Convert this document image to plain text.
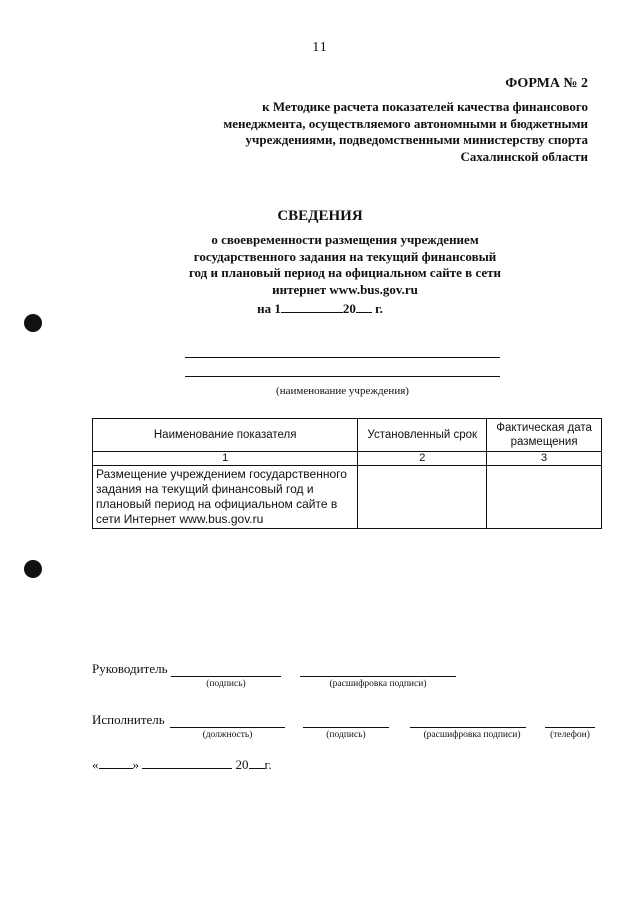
11
ФОРМА № 2
к Методике расчета показателей качества финансового
менеджмента, осуществляемого автономными и бюджетными
учреждениями, подведомственными министерству спорта
Сахалинской области
СВЕДЕНИЯ
о своевременности размещения учреждением
государственного задания на текущий финансовый
год и плановый период на официальном сайте в сети
интернет www.bus.gov.ru
на 1	20 г.
(наименование учреждения)
Наименование показателя	Установленный срок	Фактическая дата размещения
1	2	3
Размещение учреждением государственного задания на текущий финансовый год и плановый период на официальном сайте в сети Интернет www.bus.gov.ru		
Руководитель
(подпись)	(расшифровка подписи)
Исполнитель
(должность)	(подпись)	(расшифровка подписи)	(телефон)
«	»	20 г.
